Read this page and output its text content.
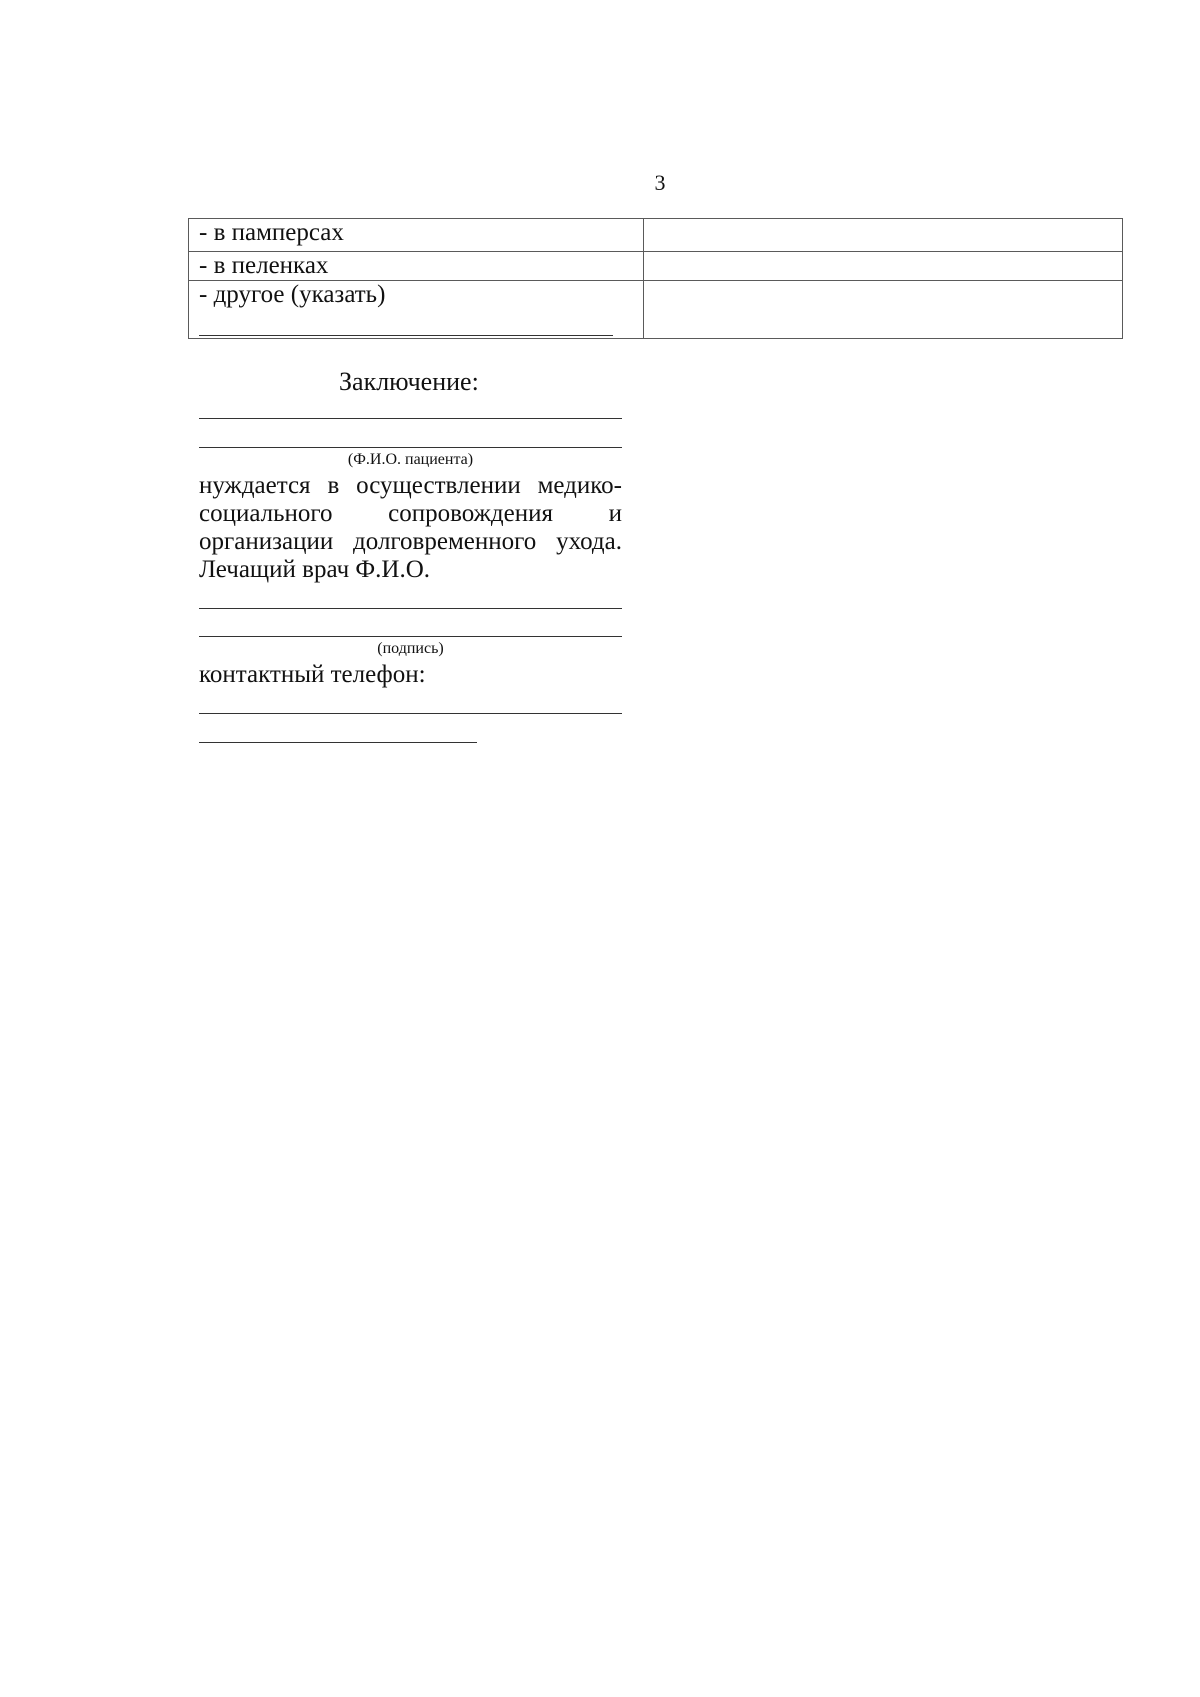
3
- в памперсах	
- в пеленках	
- другое (указать)

Заключение:

(Ф.И.О. пациента)

нуждается в осуществлении медико-социального сопровождения и организации долговременного ухода. Лечащий врач Ф.И.О.

(подпись)

контактный телефон:
